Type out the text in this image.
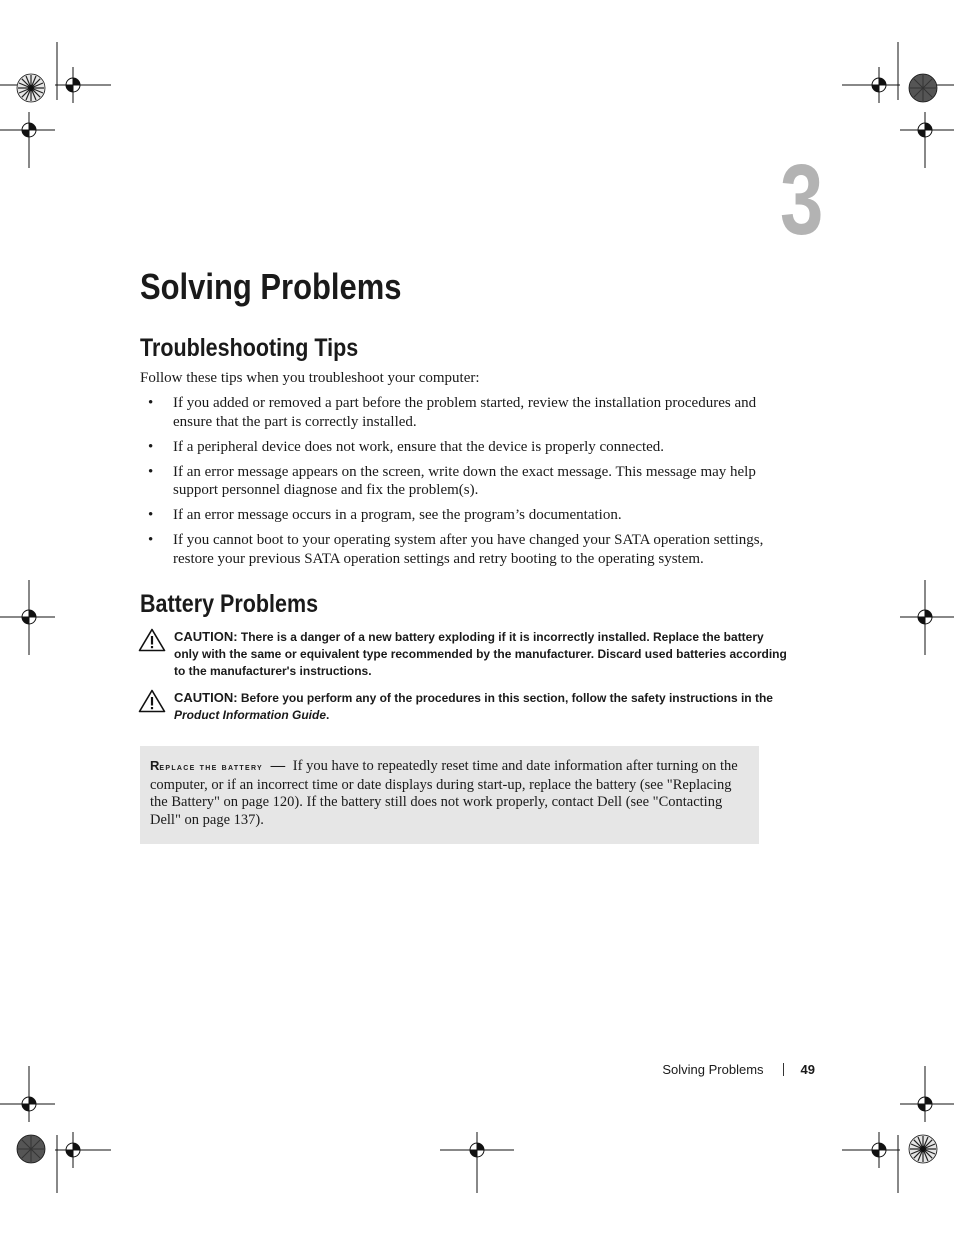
3
Solving Problems
Troubleshooting Tips
Follow these tips when you troubleshoot your computer:
• If you added or removed a part before the problem started, review the installation procedures and ensure that the part is correctly installed.
• If a peripheral device does not work, ensure that the device is properly connected.
• If an error message appears on the screen, write down the exact message. This message may help support personnel diagnose and fix the problem(s).
• If an error message occurs in a program, see the program’s documentation.
• If you cannot boot to your operating system after you have changed your SATA operation settings, restore your previous SATA operation settings and retry booting to the operating system.
Battery Problems
CAUTION: There is a danger of a new battery exploding if it is incorrectly installed. Replace the battery only with the same or equivalent type recommended by the manufacturer. Discard used batteries according to the manufacturer's instructions.
CAUTION: Before you perform any of the procedures in this section, follow the safety instructions in the Product Information Guide.
Replace the battery — If you have to repeatedly reset time and date information after turning on the computer, or if an incorrect time or date displays during start-up, replace the battery (see "Replacing the Battery" on page 120). If the battery still does not work properly, contact Dell (see "Contacting Dell" on page 137).
Solving Problems	49
